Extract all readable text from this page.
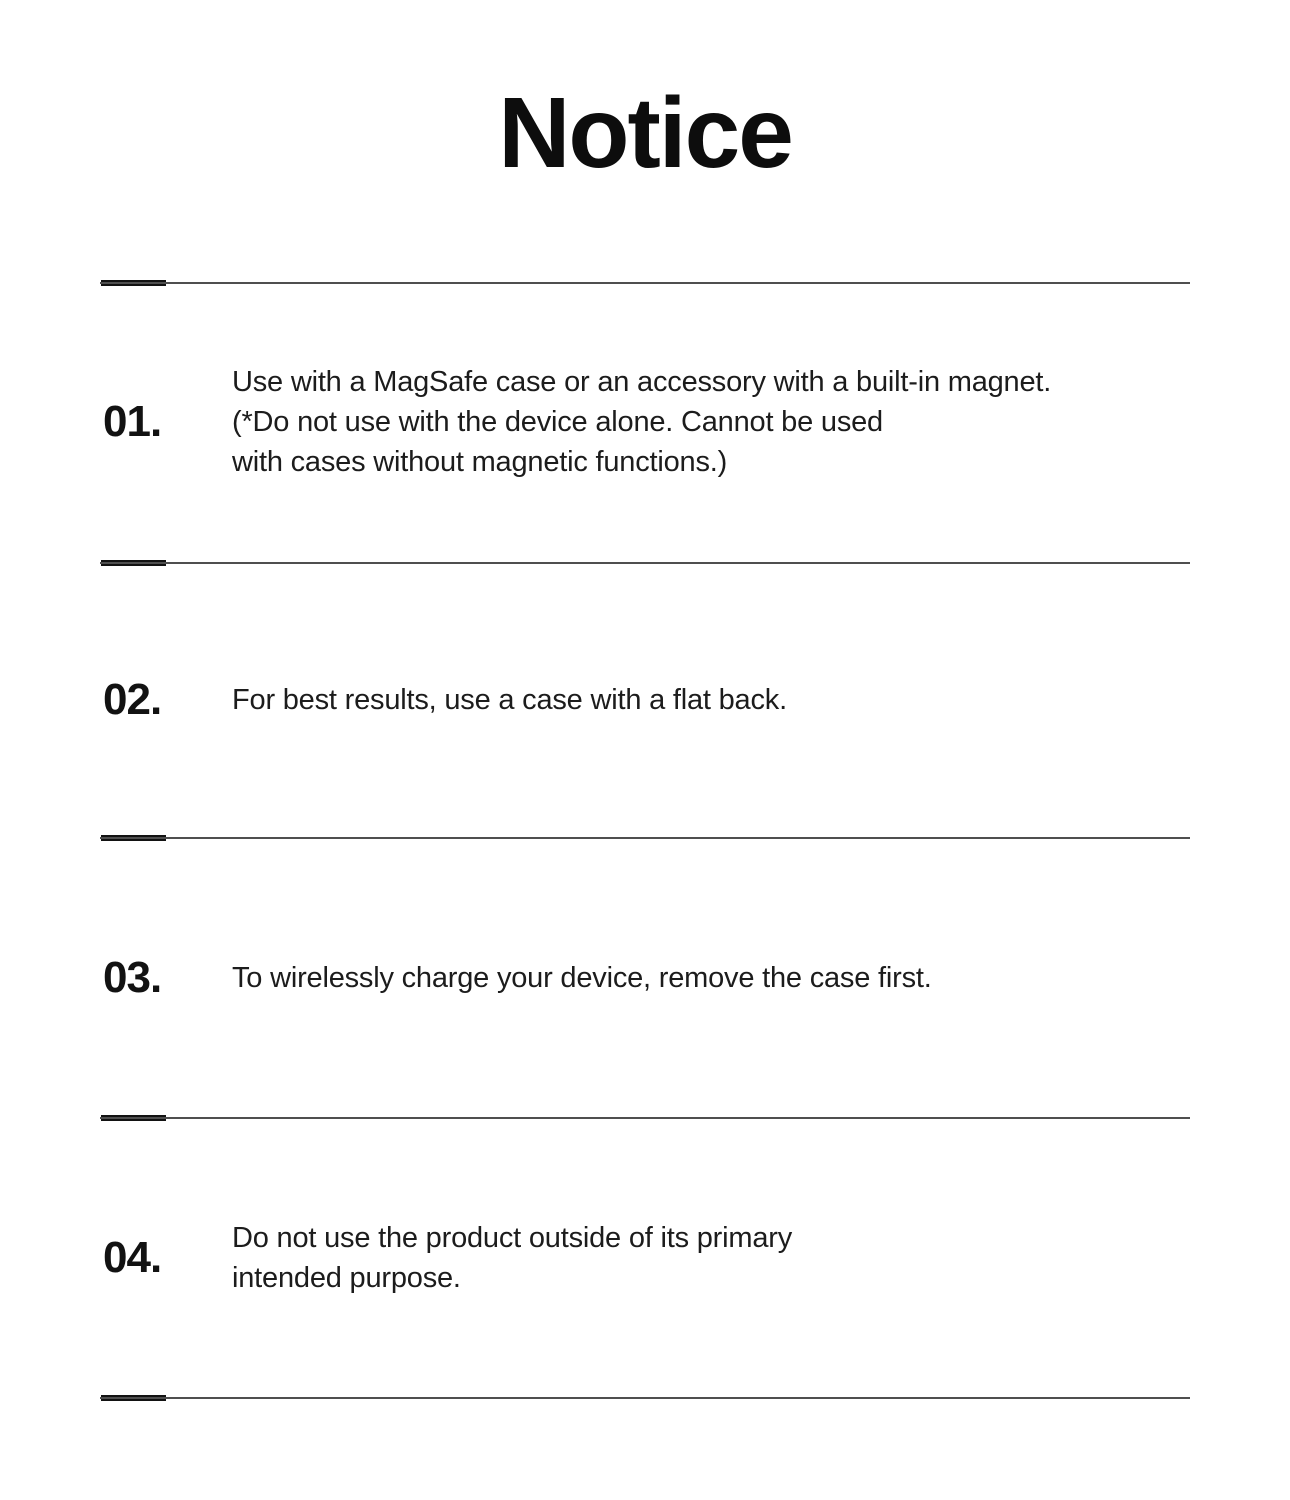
Notice
01.
Use with a MagSafe case or an accessory with a built-in magnet.
(*Do not use with the device alone. Cannot be used
with cases without magnetic functions.)
02.	For best results, use a case with a flat back.
03.	To wirelessly charge your device, remove the case first.
04.	Do not use the product outside of its primary
intended purpose.
